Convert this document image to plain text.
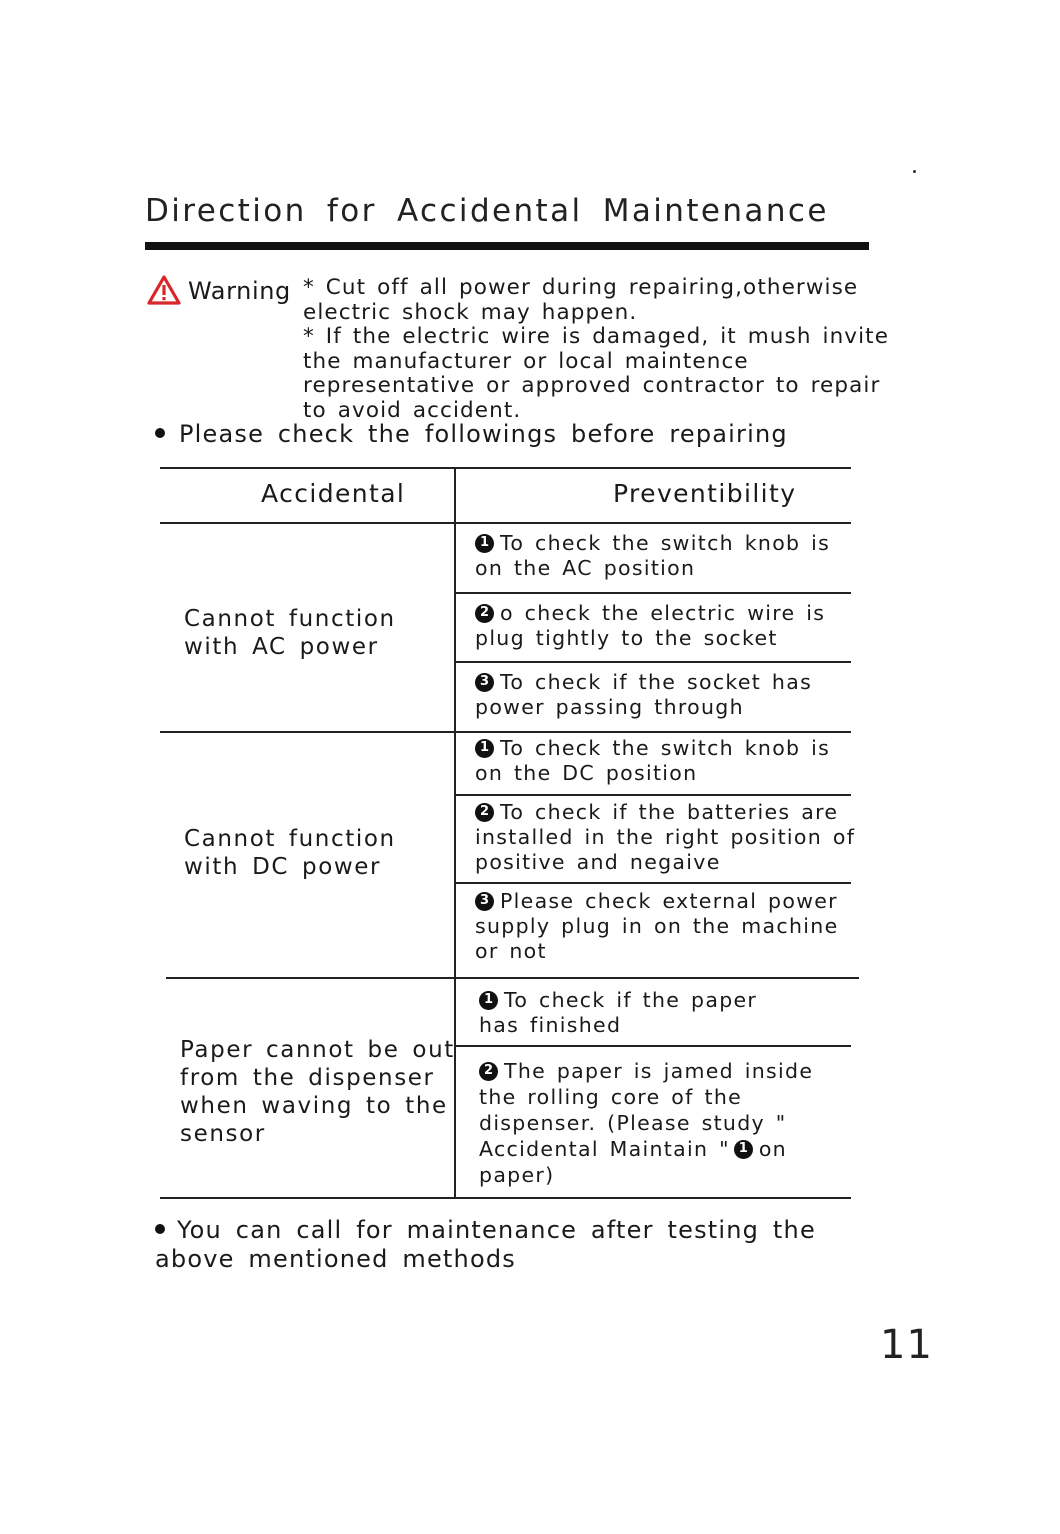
Direction for Accidental Maintenance
Warning * Cut off all power during repairing,otherwise
electric shock may happen.
* If the electric wire is damaged, it mush invite
the manufacturer or local maintence
representative or approved contractor to repair
to avoid accident.
Please check the followings before repairing
Accidental	Preventibility
Cannot function
with AC power
Cannot function
with DC power
Paper cannot be out
from the dispenser
when waving to the
sensor
1 To check the switch knob is
on the AC position
2 o check the electric wire is
plug tightly to the socket
3 To check if the socket has
power passing through
1 To check the switch knob is
on the DC position
2 To check if the batteries are
installed in the right position of
positive and negaive
3 Please check external power
supply plug in on the machine
or not
1 To check if the paper
has finished
2 The paper is jamed inside
the rolling core of the
dispenser. (Please study "
Accidental Maintain " 1 on
paper)
You can call for maintenance after testing the above mentioned methods
11
